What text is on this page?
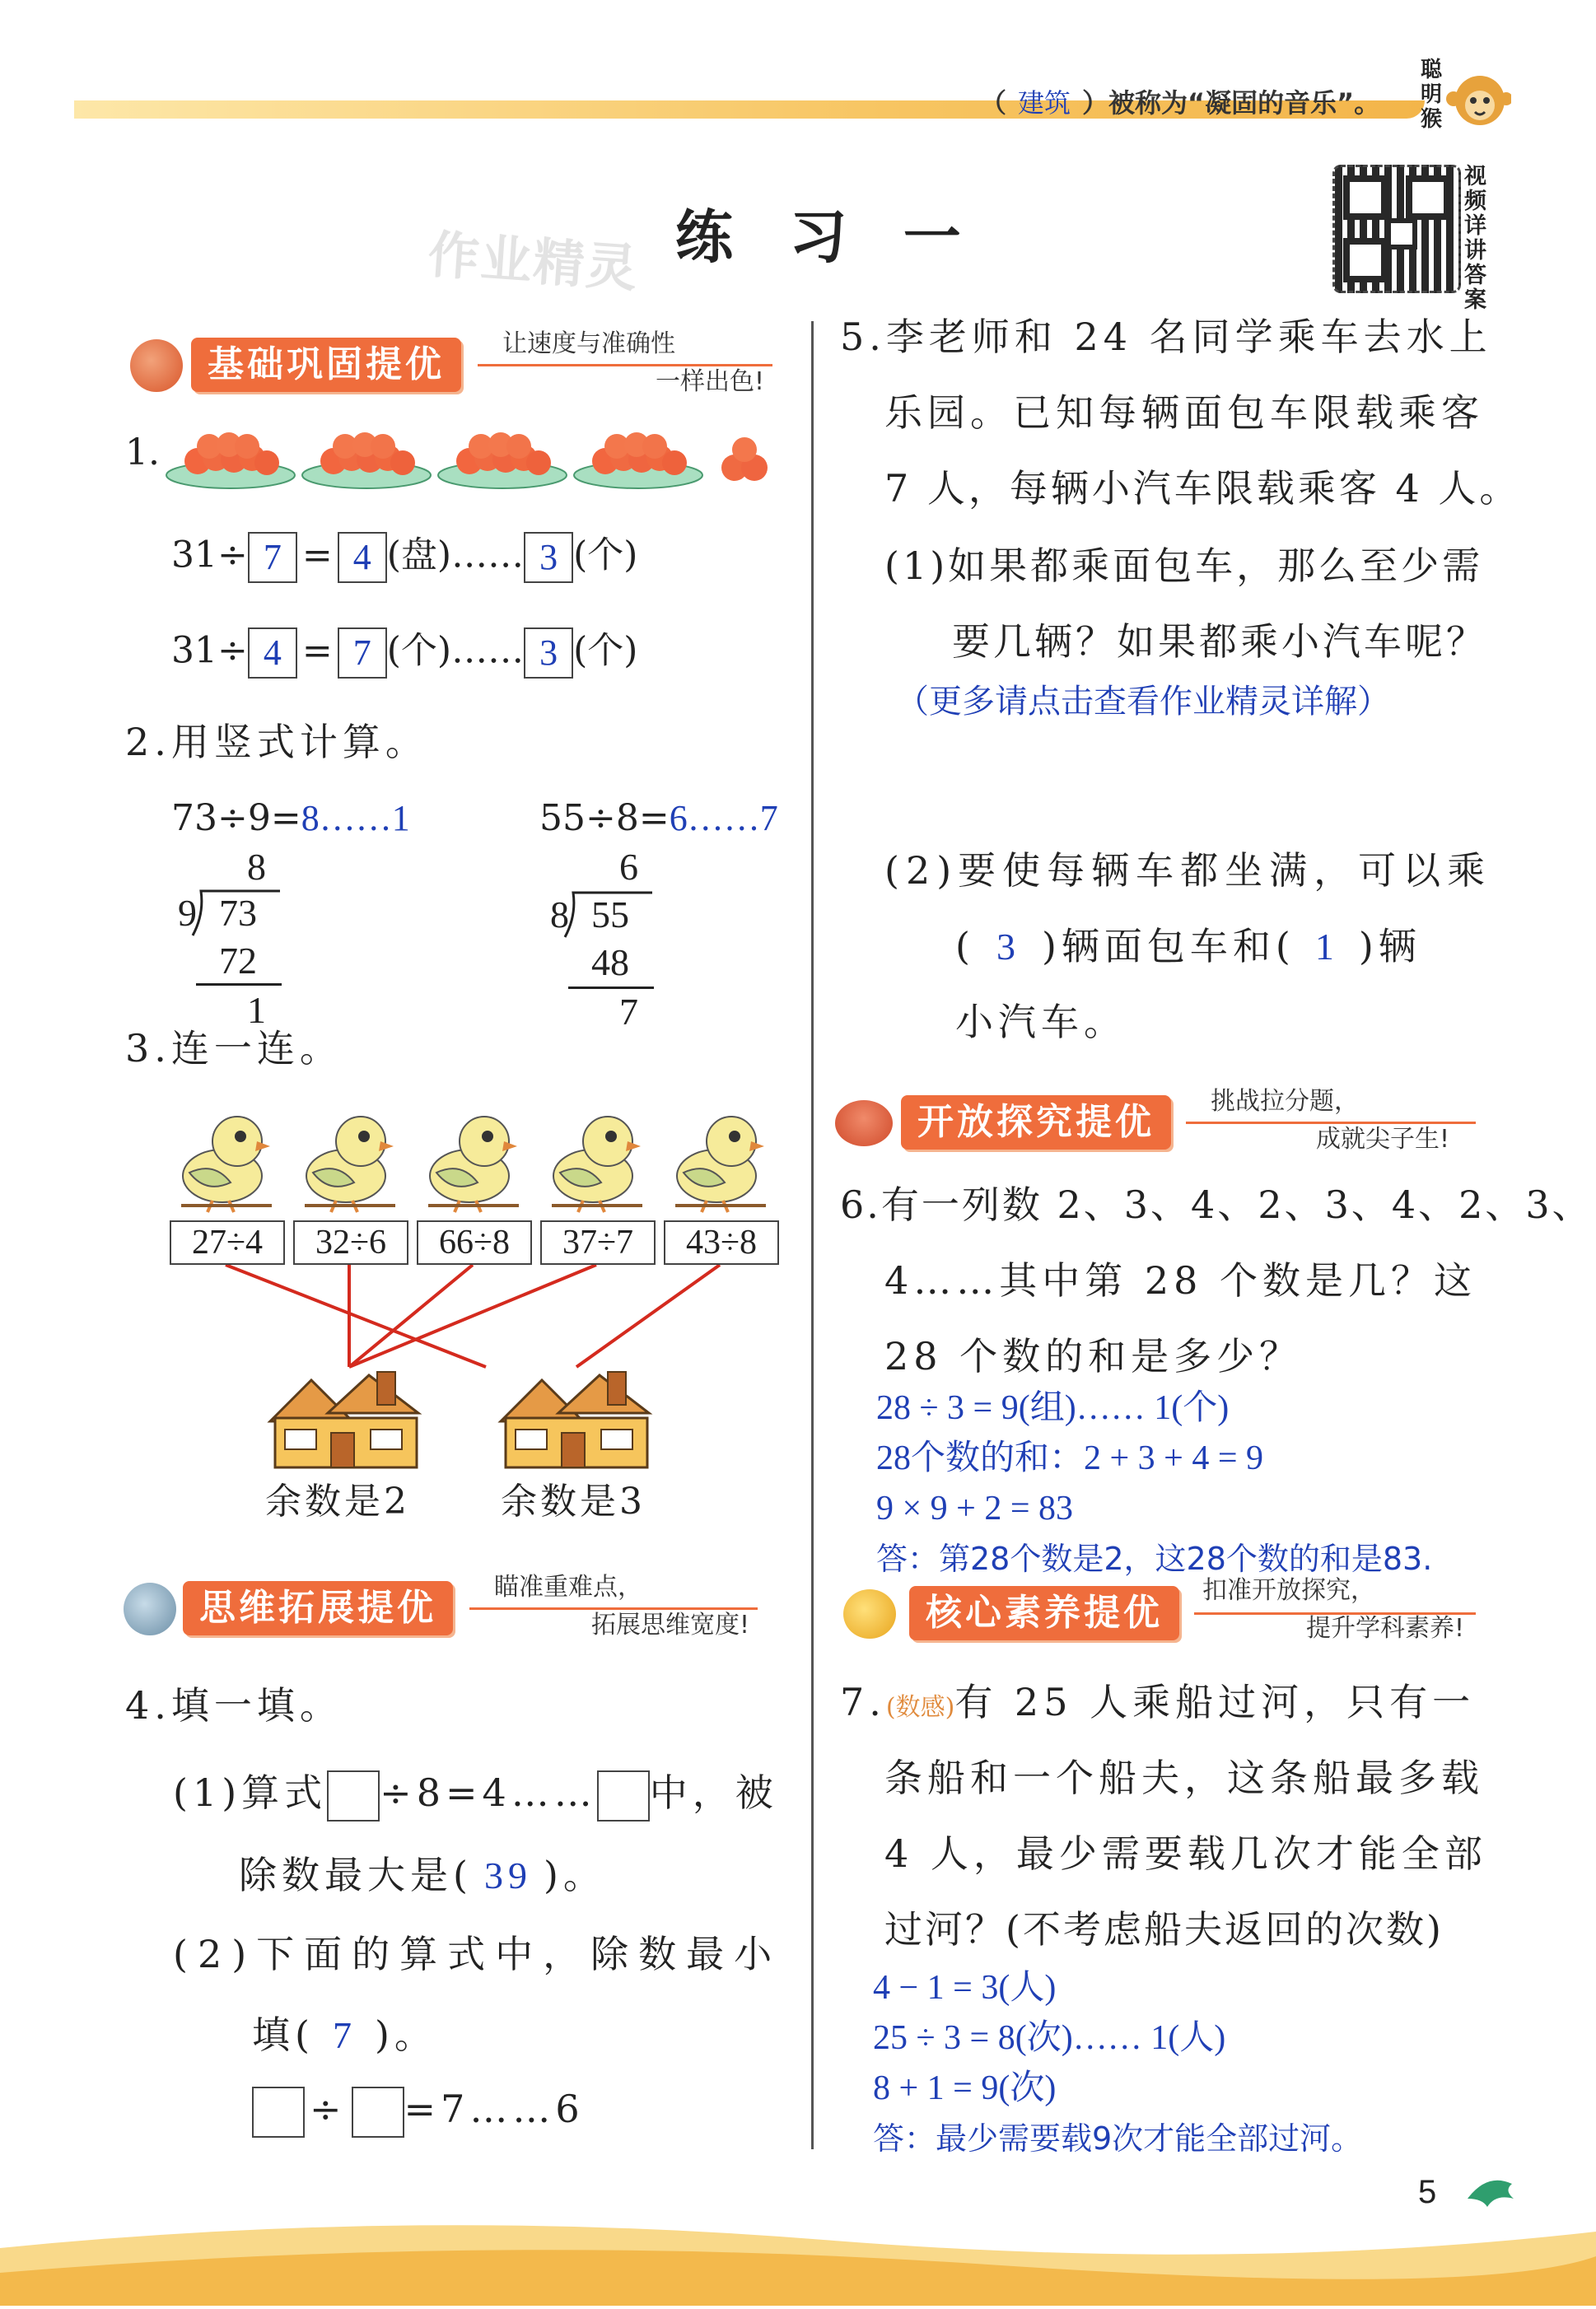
（ 建筑 ）被称为“凝固的音乐”。
聪明猴
视频详讲答案
作业精灵 练 习 一
基础巩固提优	让速度与准确性
一样出色!
1.
31÷ 7 = 4 (盘)…… 3 (个)
31÷ 4 = 7 (个)…… 3 (个)
2.用竖式计算。
73÷9=8……1	55÷8=6……7
8
9 73
72
1
6
8 55
48
7
3.连一连。
27÷4	32÷6	66÷8	37÷7	43÷8
余数是2	余数是3
思维拓展提优	瞄准重难点，
拓展思维宽度!
4.填一填。
(1)算式 ÷8=4…… 中，被
除数最大是( 39 )。
(2)下面的算式中，除数最小
填( 7 )。
÷ =7……6
5.李老师和 24 名同学乘车去水上
乐园。已知每辆面包车限载乘客
7 人，每辆小汽车限载乘客 4 人。
(1)如果都乘面包车，那么至少需
要几辆？如果都乘小汽车呢？
（更多请点击查看作业精灵详解）
(2)要使每辆车都坐满，可以乘
( 3 )辆面包车和( 1 )辆
小汽车。
开放探究提优	挑战拉分题，
成就尖子生!
6.有一列数 2、3、4、2、3、4、2、3、
4……其中第 28 个数是几？这
28 个数的和是多少？
28 ÷ 3 = 9(组)…… 1(个)
28个数的和：2 + 3 + 4 = 9
9 × 9 + 2 = 83
答：第28个数是2，这28个数的和是83.
核心素养提优
扣准开放探究，
提升学科素养!
7.(数感)有 25 人乘船过河，只有一
条船和一个船夫，这条船最多载
4 人，最少需要载几次才能全部
过河？(不考虑船夫返回的次数)
4 − 1 = 3(人)
25 ÷ 3 = 8(次)…… 1(人)
8 + 1 = 9(次)
答：最少需要载9次才能全部过河。
5
